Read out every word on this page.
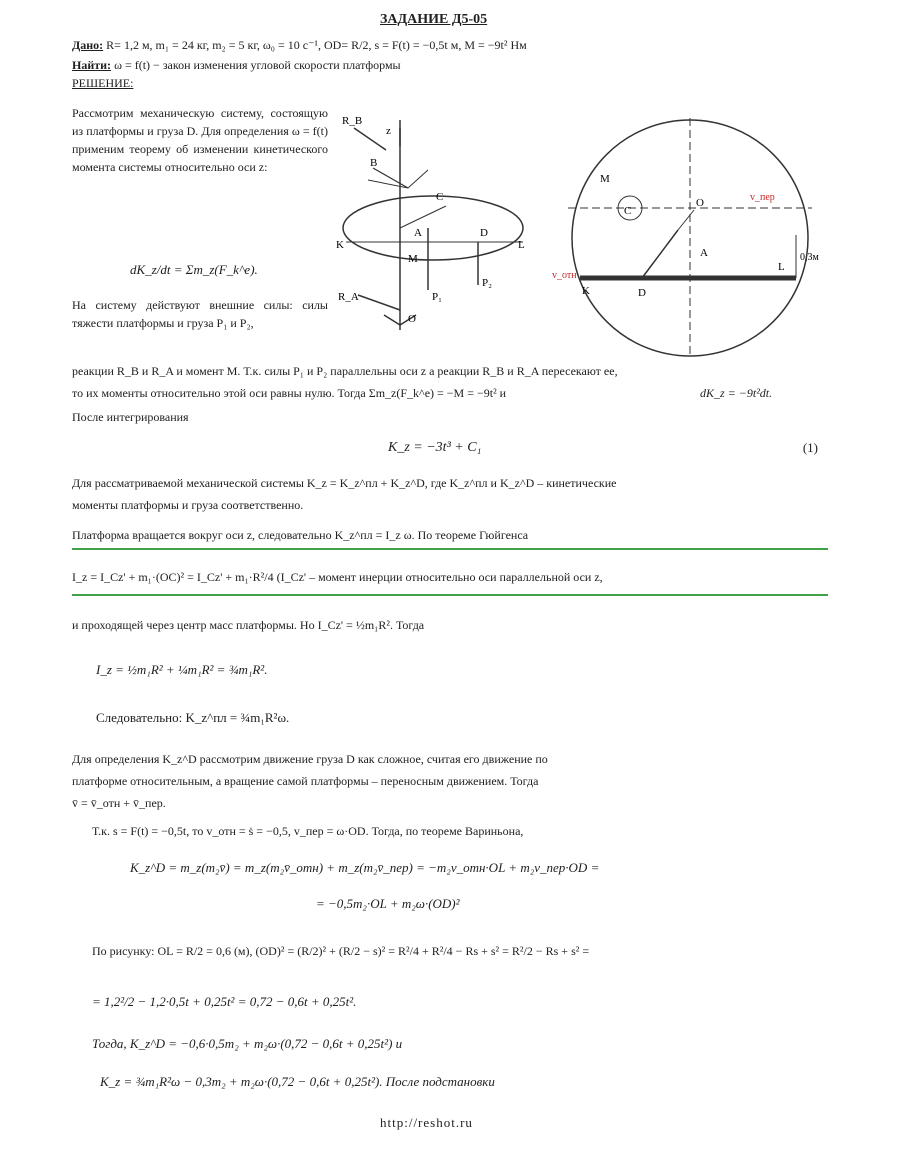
ЗАДАНИЕ Д5-05
Дано: R= 1,2 м, m₁ = 24 кг, m₂ = 5 кг, ω₀ = 10 с⁻¹, OD= R/2, s = F(t) = −0,5t м, M = −9t² Нм
Найти: ω = f(t) − закон изменения угловой скорости платформы
РЕШЕНИЕ:
Рассмотрим механическую систему, состоящую из платформы и груза D. Для определения ω = f(t) применим теорему об изменении кинетического момента системы относительно оси z:
dK_z/dt = Σm_z(F_k^e).
На систему действуют внешние силы: силы тяжести платформы и груза P₁ и P₂,
R_B
B
C
K
A
L
M
P₁
P₂
R_A
O
z
D
M
C
O
K	D
L
A	0,3м
v_пер
v_отн
реакции R_B и R_A и момент M. Т.к. силы P₁ и P₂ параллельны оси z а реакции R_B и R_A пересекают ее,
то их моменты относительно этой оси равны нулю. Тогда Σm_z(F_k^e) = −M = −9t² и	dK_z = −9t²dt.
После интегрирования
K_z = −3t³ + C₁	(1)
Для рассматриваемой механической системы K_z = K_z^пл + K_z^D, где K_z^пл и K_z^D – кинетические
моменты платформы и груза соответственно.
Платформа вращается вокруг оси z, следовательно K_z^пл = I_z ω. По теореме Гюйгенса
I_z = I_Cz' + m₁·(OC)² = I_Cz' + m₁·R²/4 (I_Cz' – момент инерции относительно оси параллельной оси z,
и проходящей через центр масс платформы. Но I_Cz' = ½m₁R². Тогда
I_z = ½m₁R² + ¼m₁R² = ¾m₁R².
Следовательно: K_z^пл = ¾m₁R²ω.
Для определения K_z^D рассмотрим движение груза D как сложное, считая его движение по
платформе относительным, а вращение самой платформы – переносным движением. Тогда
v̄ = v̄_отн + v̄_пер.
Т.к. s = F(t) = −0,5t, то v_отн = ṡ = −0,5, v_пер = ω·OD. Тогда, по теореме Вариньона,
K_z^D = m_z(m₂v̄) = m_z(m₂v̄_отн) + m_z(m₂v̄_пер) = −m₂v_отн·OL + m₂v_пер·OD =
= −0,5m₂·OL + m₂ω·(OD)²
По рисунку: OL = R/2 = 0,6 (м), (OD)² = (R/2)² + (R/2 − s)² = R²/4 + R²/4 − Rs + s² = R²/2 − Rs + s² =
= 1,2²/2 − 1,2·0,5t + 0,25t² = 0,72 − 0,6t + 0,25t².
Тогда, K_z^D = −0,6·0,5m₂ + m₂ω·(0,72 − 0,6t + 0,25t²) и
K_z = ¾m₁R²ω − 0,3m₂ + m₂ω·(0,72 − 0,6t + 0,25t²). После подстановки
http://reshot.ru
